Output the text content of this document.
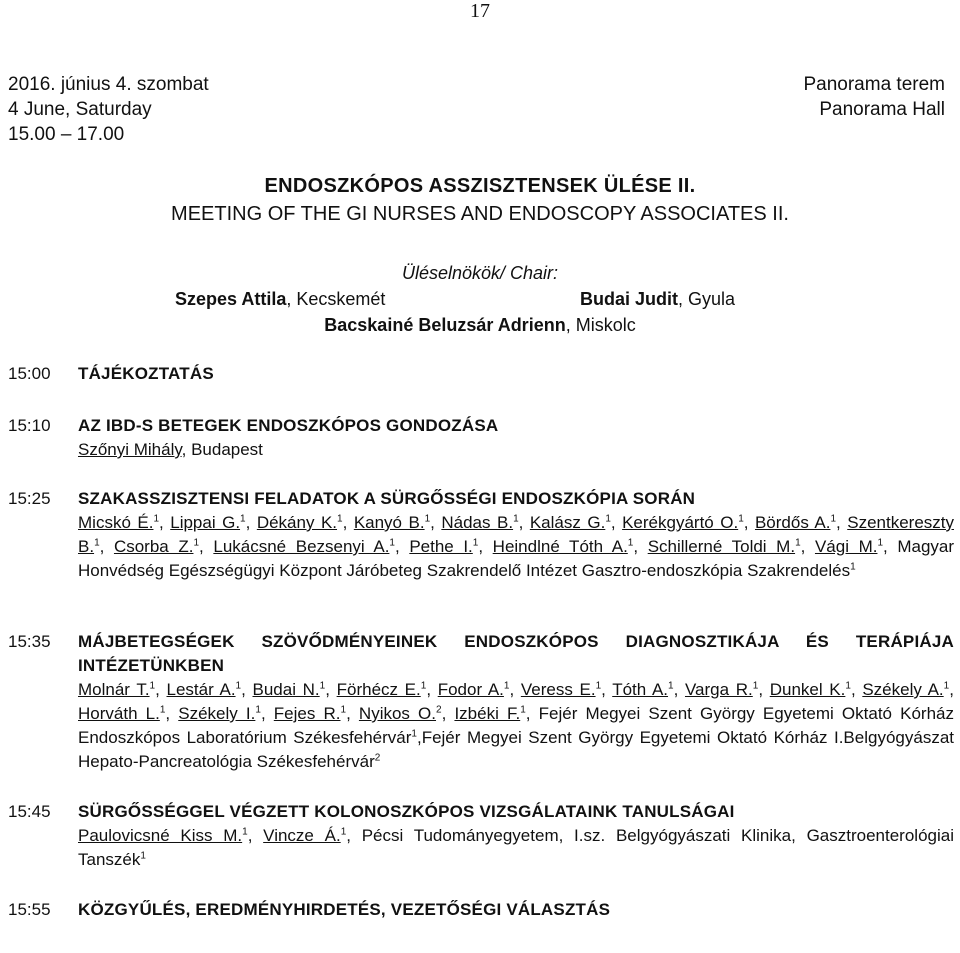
17
2016. június 4. szombat	Panorama terem
4 June, Saturday	Panorama Hall
15.00 – 17.00
ENDOSZKÓPOS ASSZISZTENSEK ÜLÉSE II.
MEETING OF THE GI NURSES AND ENDOSCOPY ASSOCIATES II.
Üléselnökök/ Chair:
Szepes Attila, Kecskemét	Budai Judit, Gyula
Bacskainé Beluzsár Adrienn, Miskolc
15:00 TÁJÉKOZTATÁS
15:10 AZ IBD-S BETEGEK ENDOSZKÓPOS GONDOZÁSA
Szőnyi Mihály, Budapest
15:25 SZAKASSZISZTENSI FELADATOK A SÜRGŐSSÉGI ENDOSZKÓPIA SORÁN
Micskó É.$^1$, Lippai G.$^1$, Dékány K.$^1$, Kanyó B.$^1$, Nádas B.$^1$, Kalász G.$^1$, Kerékgyártó O.$^1$, Bördős A.$^1$, Szentkereszty B.$^1$, Csorba Z.$^1$, Lukácsné Bezsenyi A.$^1$, Pethe I.$^1$, Heindlné Tóth A.$^1$, Schillerné Toldi M.$^1$, Vági M.$^1$, Magyar Honvédség Egészségügyi Központ Járóbeteg Szakrendelő Intézet Gasztro-endoszkópia Szakrendelés$^1$
15:35 MÁJBETEGSÉGEK SZÖVŐDMÉNYEINEK ENDOSZKÓPOS DIAGNOSZTIKÁJA ÉS TERÁPIÁJA INTÉZETÜNKBEN
Molnár T.$^1$, Lestár A.$^1$, Budai N.$^1$, Förhécz E.$^1$, Fodor A.$^1$, Veress E.$^1$, Tóth A.$^1$, Varga R.$^1$, Dunkel K.$^1$, Székely A.$^1$, Horváth L.$^1$, Székely I.$^1$, Fejes R.$^1$, Nyikos O.$^2$, Izbéki F.$^1$, Fejér Megyei Szent György Egyetemi Oktató Kórház Endoszkópos Laboratórium Székesfehérvár$^1$,Fejér Megyei Szent György Egyetemi Oktató Kórház I.Belgyógyászat Hepato-Pancreatológia Székesfehérvár$^2$
15:45 SÜRGŐSSÉGGEL VÉGZETT KOLONOSZKÓPOS VIZSGÁLATAINK TANULSÁGAI
Paulovicsné Kiss M.$^1$, Vincze Á.$^1$, Pécsi Tudományegyetem, I.sz. Belgyógyászati Klinika, Gasztroenterológiai Tanszék$^1$
15:55 KÖZGYŰLÉS, EREDMÉNYHIRDETÉS, VEZETŐSÉGI VÁLASZTÁS
